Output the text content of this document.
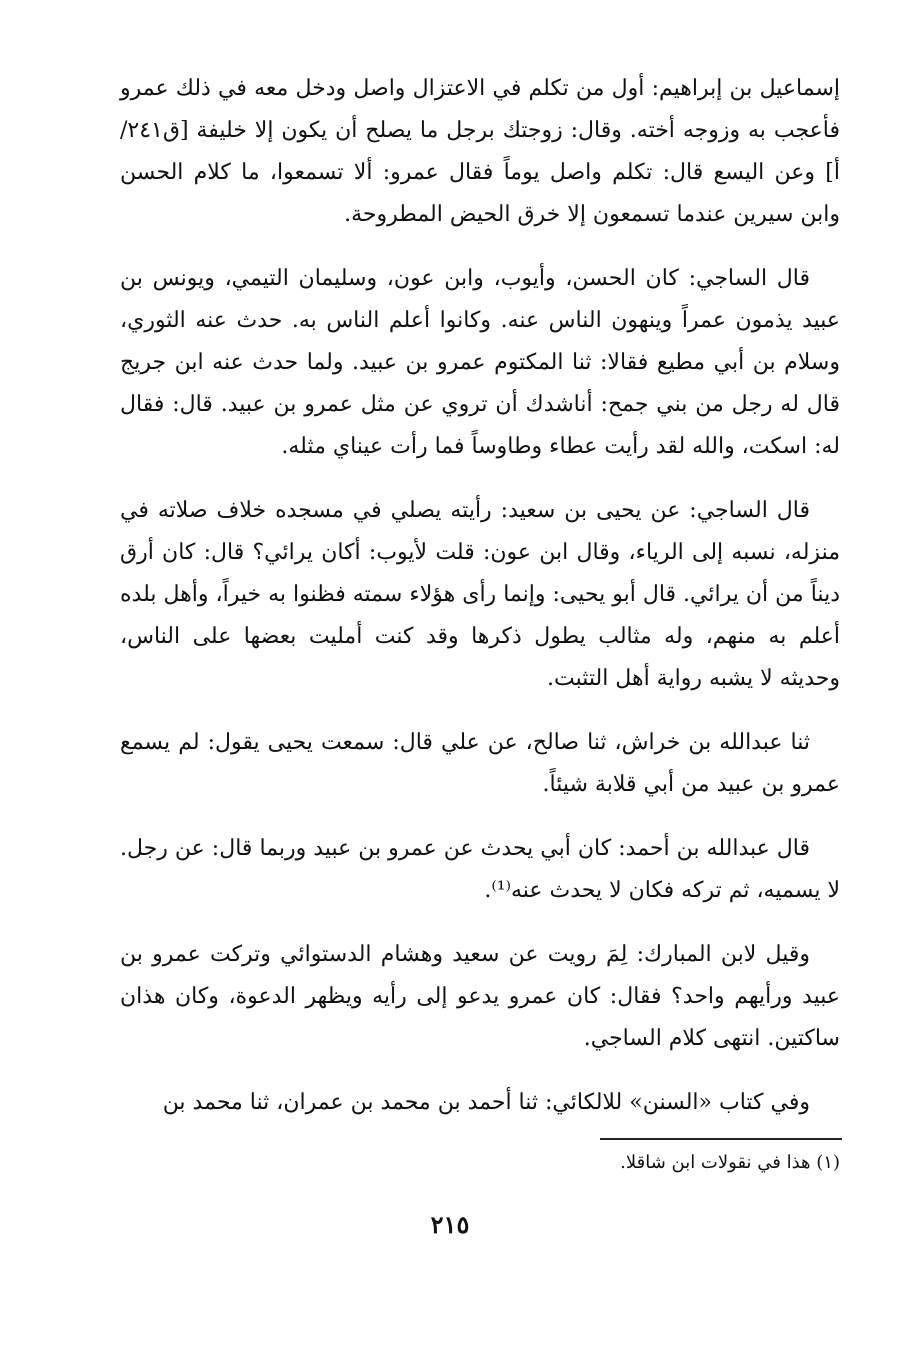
إسماعيل بن إبراهيم: أول من تكلم في الاعتزال واصل ودخل معه في ذلك عمرو فأعجب به وزوجه أخته. وقال: زوجتك برجل ما يصلح أن يكون إلا خليفة [ق٢٤١/أ] وعن اليسع قال: تكلم واصل يوماً فقال عمرو: ألا تسمعوا، ما كلام الحسن وابن سيرين عندما تسمعون إلا خرق الحيض المطروحة.

قال الساجي: كان الحسن، وأيوب، وابن عون، وسليمان التيمي، ويونس بن عبيد يذمون عمراً وينهون الناس عنه. وكانوا أعلم الناس به. حدث عنه الثوري، وسلام بن أبي مطيع فقالا: ثنا المكتوم عمرو بن عبيد. ولما حدث عنه ابن جريج قال له رجل من بني جمح: أناشدك أن تروي عن مثل عمرو بن عبيد. قال: فقال له: اسكت، والله لقد رأيت عطاء وطاوساً فما رأت عيناي مثله.

قال الساجي: عن يحيى بن سعيد: رأيته يصلي في مسجده خلاف صلاته في منزله، نسبه إلى الرياء، وقال ابن عون: قلت لأيوب: أكان يرائي؟ قال: كان أرق ديناً من أن يرائي. قال أبو يحيى: وإنما رأى هؤلاء سمته فظنوا به خيراً، وأهل بلده أعلم به منهم، وله مثالب يطول ذكرها وقد كنت أمليت بعضها على الناس، وحديثه لا يشبه رواية أهل التثبت.

ثنا عبدالله بن خراش، ثنا صالح، عن علي قال: سمعت يحيى يقول: لم يسمع عمرو بن عبيد من أبي قلابة شيئاً.

قال عبدالله بن أحمد: كان أبي يحدث عن عمرو بن عبيد وربما قال: عن رجل. لا يسميه، ثم تركه فكان لا يحدث عنه⁽¹⁾.

وقيل لابن المبارك: لِمَ رويت عن سعيد وهشام الدستوائي وتركت عمرو بن عبيد ورأيهم واحد؟ فقال: كان عمرو يدعو إلى رأيه ويظهر الدعوة، وكان هذان ساكتين. انتهى كلام الساجي.

وفي كتاب «السنن» للالكائي: ثنا أحمد بن محمد بن عمران، ثنا محمد بن

(١) هذا في نقولات ابن شاقلا.
٢١٥
